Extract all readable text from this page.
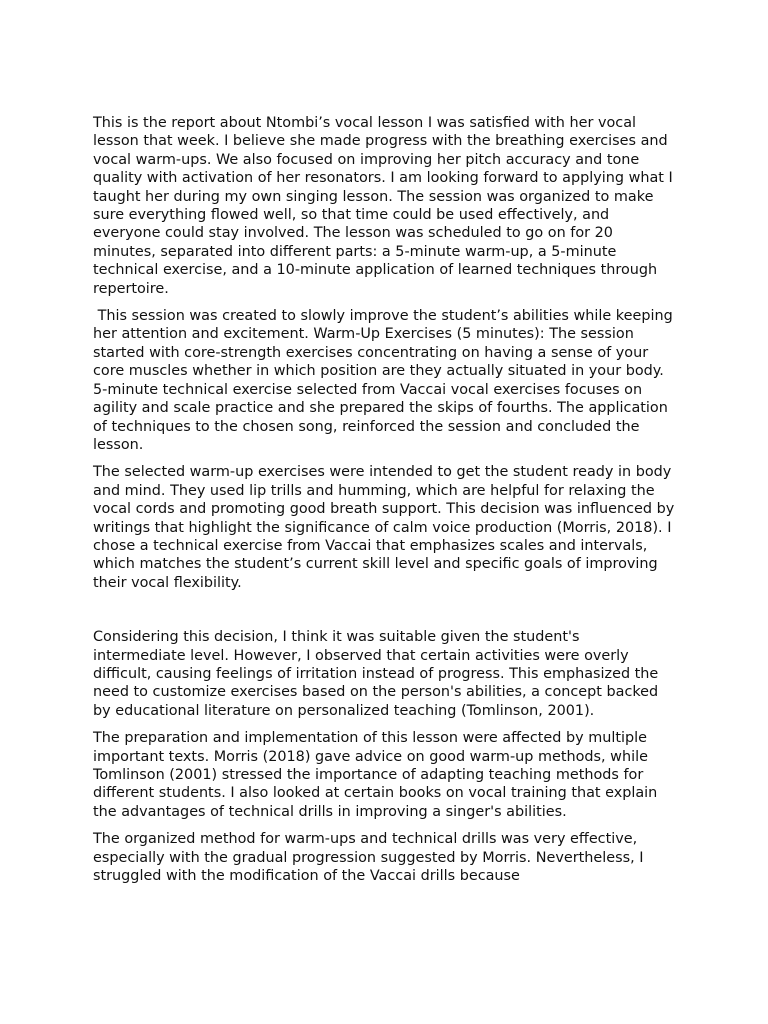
This is the report about Ntombi’s vocal lesson I was satisfied with her vocal lesson that week. I believe she made progress with the breathing exercises and vocal warm-ups. We also focused on improving her pitch accuracy and tone quality with activation of her resonators. I am looking forward to applying what I taught her during my own singing lesson. The session was organized to make sure everything flowed well, so that time could be used effectively, and everyone could stay involved. The lesson was scheduled to go on for 20 minutes, separated into different parts: a 5-minute warm-up, a 5-minute technical exercise, and a 10-minute application of learned techniques through repertoire.

This session was created to slowly improve the student’s abilities while keeping her attention and excitement. Warm-Up Exercises (5 minutes): The session started with core-strength exercises concentrating on having a sense of your core muscles whether in which position are they actually situated in your body. 5-minute technical exercise selected from Vaccai vocal exercises focuses on agility and scale practice and she prepared the skips of fourths. The application of techniques to the chosen song, reinforced the session and concluded the lesson.

The selected warm-up exercises were intended to get the student ready in body and mind. They used lip trills and humming, which are helpful for relaxing the vocal cords and promoting good breath support. This decision was influenced by writings that highlight the significance of calm voice production (Morris, 2018). I chose a technical exercise from Vaccai that emphasizes scales and intervals, which matches the student’s current skill level and specific goals of improving their vocal flexibility.

Considering this decision, I think it was suitable given the student's intermediate level. However, I observed that certain activities were overly difficult, causing feelings of irritation instead of progress. This emphasized the need to customize exercises based on the person's abilities, a concept backed by educational literature on personalized teaching (Tomlinson, 2001).

The preparation and implementation of this lesson were affected by multiple important texts. Morris (2018) gave advice on good warm-up methods, while Tomlinson (2001) stressed the importance of adapting teaching methods for different students. I also looked at certain books on vocal training that explain the advantages of technical drills in improving a singer's abilities.

The organized method for warm-ups and technical drills was very effective, especially with the gradual progression suggested by Morris. Nevertheless, I struggled with the modification of the Vaccai drills because
